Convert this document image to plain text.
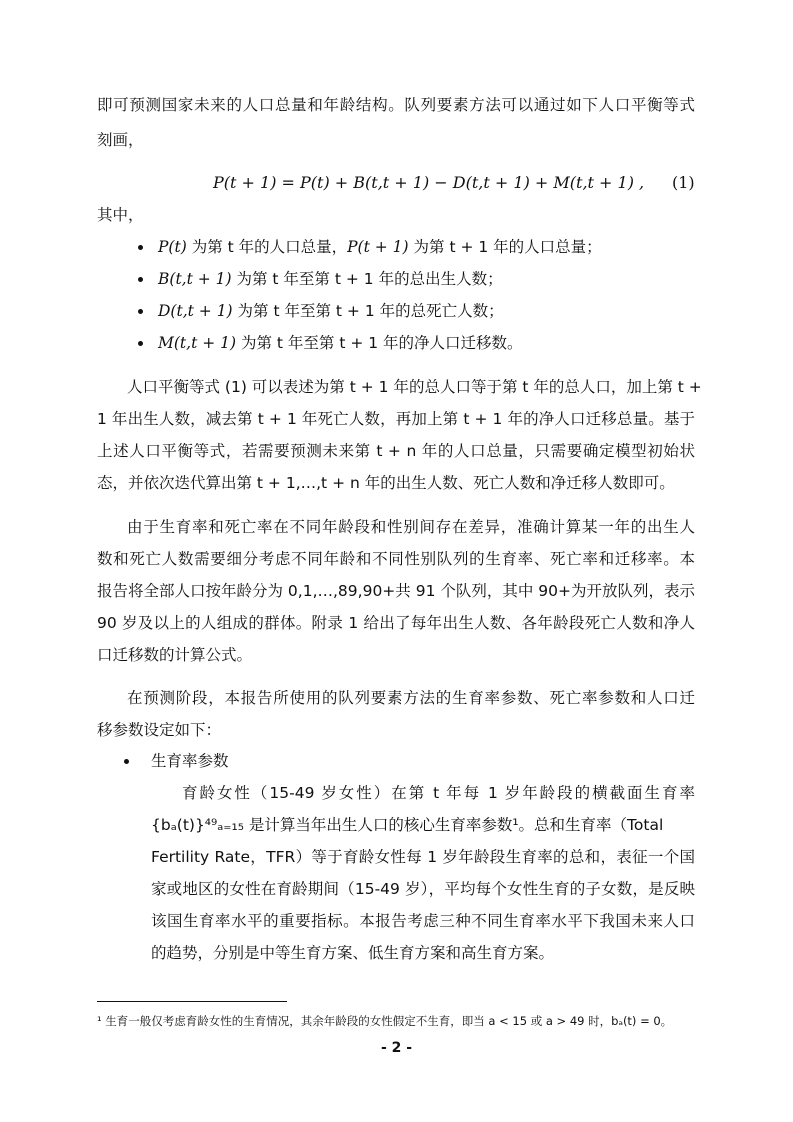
即可预测国家未来的人口总量和年龄结构。队列要素方法可以通过如下人口平衡等式
刻画，
P(t + 1) = P(t) + B(t,t + 1) − D(t,t + 1) + M(t,t + 1) , (1)
其中，
P(t) 为第 t 年的人口总量，P(t + 1) 为第 t + 1 年的人口总量；
B(t,t + 1) 为第 t 年至第 t + 1 年的总出生人数；
D(t,t + 1) 为第 t 年至第 t + 1 年的总死亡人数；
M(t,t + 1) 为第 t 年至第 t + 1 年的净人口迁移数。
人口平衡等式 (1) 可以表述为第 t + 1 年的总人口等于第 t 年的总人口，加上第 t +
1 年出生人数，减去第 t + 1 年死亡人数，再加上第 t + 1 年的净人口迁移总量。基于
上述人口平衡等式，若需要预测未来第 t + n 年的人口总量，只需要确定模型初始状
态，并依次迭代算出第 t + 1,…,t + n 年的出生人数、死亡人数和净迁移人数即可。
由于生育率和死亡率在不同年龄段和性别间存在差异，准确计算某一年的出生人
数和死亡人数需要细分考虑不同年龄和不同性别队列的生育率、死亡率和迁移率。本
报告将全部人口按年龄分为 0,1,…,89,90+共 91 个队列，其中 90+为开放队列，表示
90 岁及以上的人组成的群体。附录 1 给出了每年出生人数、各年龄段死亡人数和净人
口迁移数的计算公式。
在预测阶段，本报告所使用的队列要素方法的生育率参数、死亡率参数和人口迁
移参数设定如下：
生育率参数
育龄女性（15-49 岁女性）在第 t 年每 1 岁年龄段的横截面生育率
{bₐ(t)}⁴⁹ₐ₌₁₅ 是计算当年出生人口的核心生育率参数¹。总和生育率（Total
Fertility Rate，TFR）等于育龄女性每 1 岁年龄段生育率的总和，表征一个国
家或地区的女性在育龄期间（15-49 岁），平均每个女性生育的子女数，是反映
该国生育率水平的重要指标。本报告考虑三种不同生育率水平下我国未来人口
的趋势，分别是中等生育方案、低生育方案和高生育方案。
¹ 生育一般仅考虑育龄女性的生育情况，其余年龄段的女性假定不生育，即当 a < 15 或 a > 49 时，bₐ(t) = 0。
- 2 -
